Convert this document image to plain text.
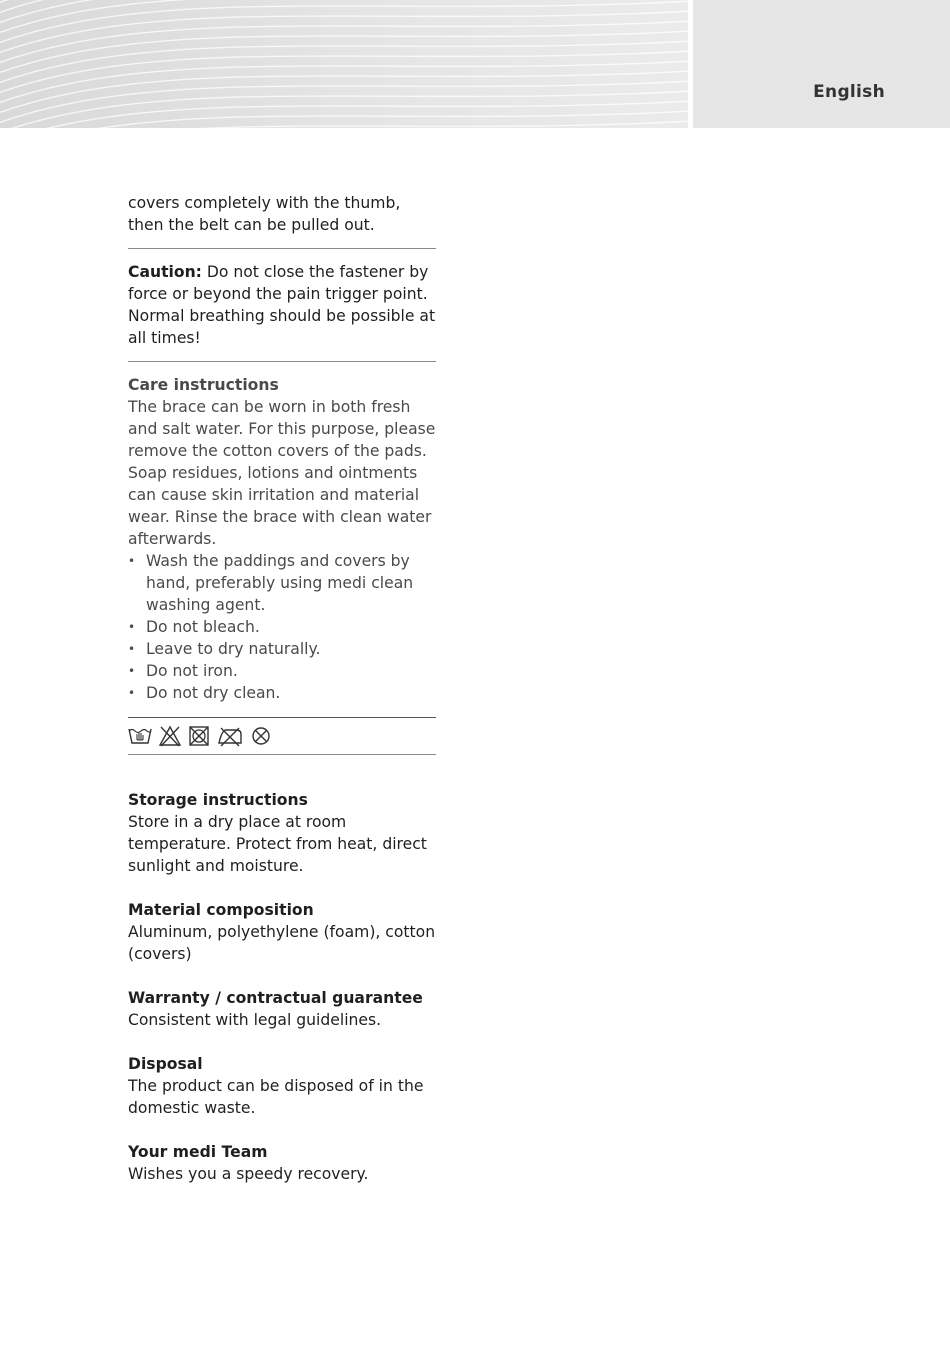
English

covers completely with the thumb, then the belt can be pulled out.

Caution: Do not close the fastener by force or beyond the pain trigger point. Normal breathing should be possible at all times!

Care instructions

The brace can be worn in both fresh and salt water. For this purpose, please remove the cotton covers of the pads. Soap residues, lotions and ointments can cause skin irritation and material wear. Rinse the brace with clean water afterwards.

• Wash the paddings and covers by hand, preferably using medi clean washing agent.
• Do not bleach.
• Leave to dry naturally.
• Do not iron.
• Do not dry clean.

Storage instructions

Store in a dry place at room temperature. Protect from heat, direct sunlight and moisture.

Material composition

Aluminum, polyethylene (foam), cotton (covers)

Warranty / contractual guarantee

Consistent with legal guidelines.

Disposal

The product can be disposed of in the domestic waste.

Your medi Team

Wishes you a speedy recovery.
